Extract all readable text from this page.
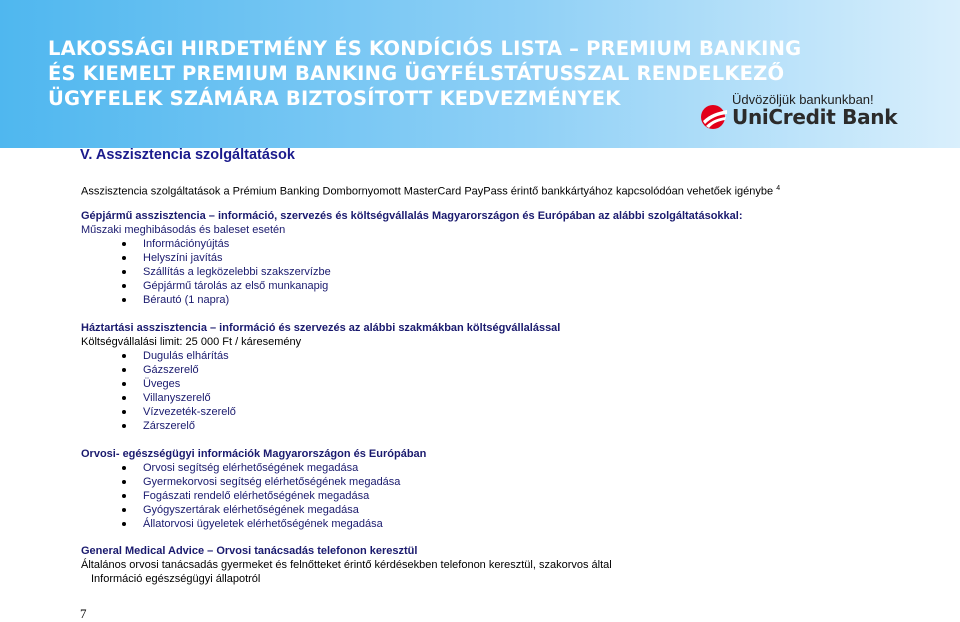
LAKOSSÁGI HIRDETMÉNY ÉS KONDÍCIÓS LISTA – PREMIUM BANKING
ÉS KIEMELT PREMIUM BANKING ÜGYFÉLSTÁTUSSZAL RENDELKEZŐ
ÜGYFELEK SZÁMÁRA BIZTOSÍTOTT KEDVEZMÉNYEK	Üdvözöljük bankunkban!
UniCredit Bank
V. Asszisztencia szolgáltatások

Asszisztencia szolgáltatások a Prémium Banking Dombornyomott MasterCard PayPass érintő bankkártyához kapcsolódóan vehetőek igénybe $^4$

Gépjármű asszisztencia – információ, szervezés és költségvállalás Magyarországon és Európában az alábbi szolgáltatásokkal:

Műszaki meghibásodás és baleset esetén

Információnyújtás
Helyszíni javítás
Szállítás a legközelebbi szakszervízbe
Gépjármű tárolás az első munkanapig
Bérautó (1 napra)

Háztartási asszisztencia – információ és szervezés az alábbi szakmákban költségvállalással

Költségvállalási limit: 25 000 Ft / káresemény

Dugulás elhárítás
Gázszerelő
Üveges
Villanyszerelő
Vízvezeték-szerelő
Zárszerelő

Orvosi- egészségügyi információk Magyarországon és Európában

Orvosi segítség elérhetőségének megadása
Gyermekorvosi segítség elérhetőségének megadása
Fogászati rendelő elérhetőségének megadása
Gyógyszertárak elérhetőségének megadása
Állatorvosi ügyeletek elérhetőségének megadása

General Medical Advice – Orvosi tanácsadás telefonon keresztül

Általános orvosi tanácsadás gyermeket és felnőtteket érintő kérdésekben telefonon keresztül, szakorvos által

Információ egészségügyi állapotról

7
